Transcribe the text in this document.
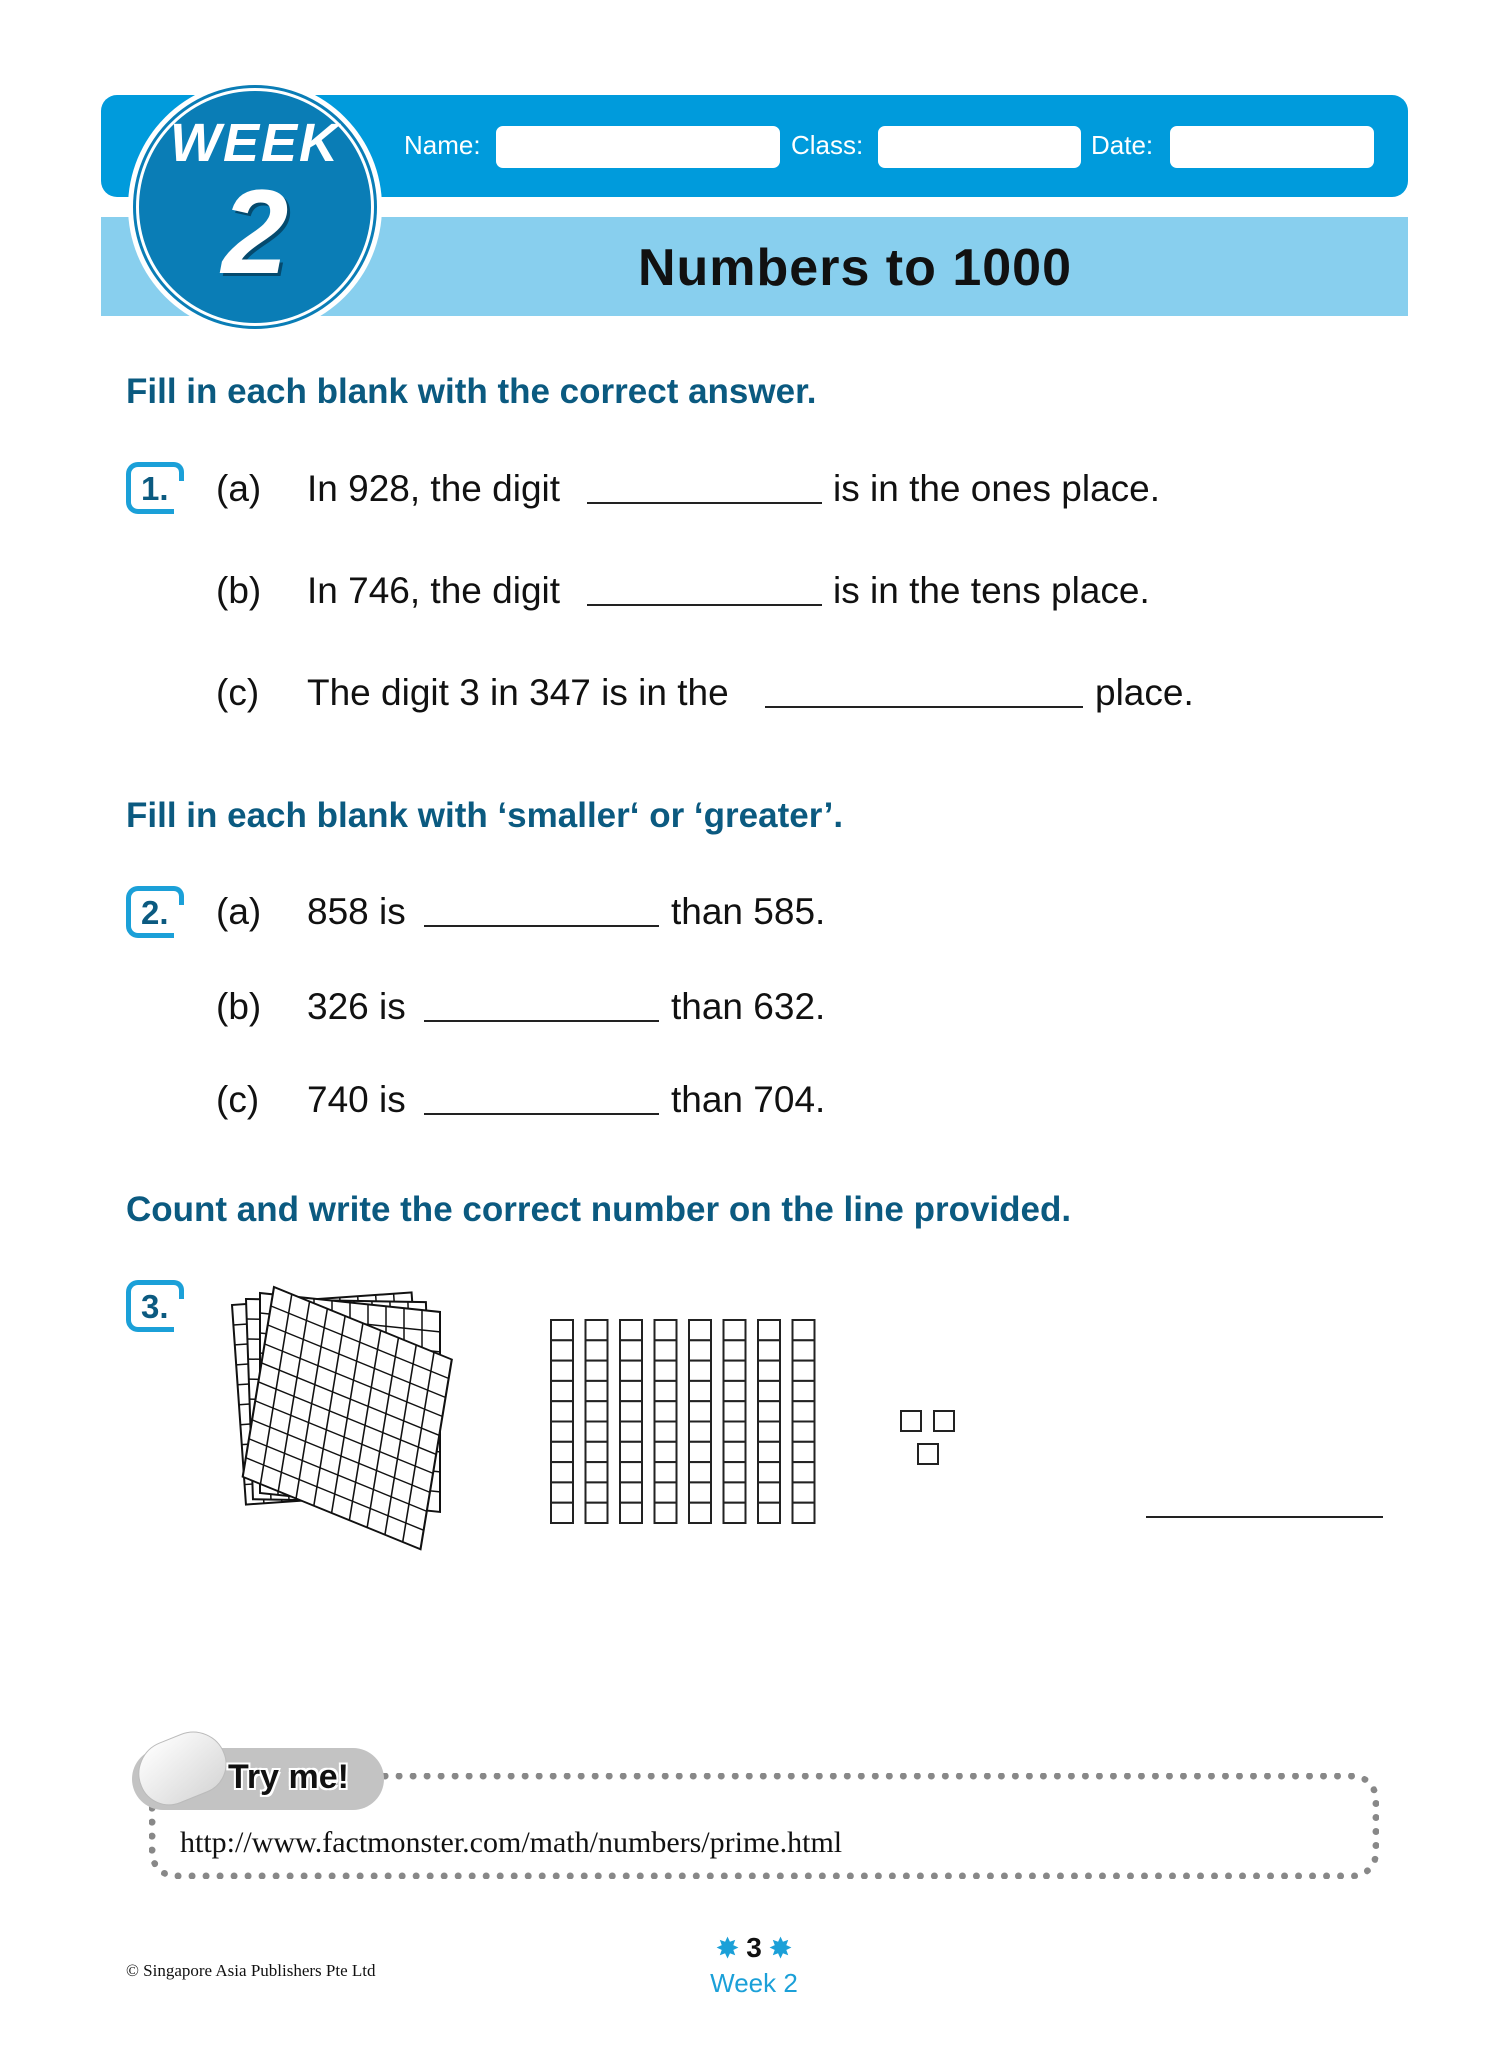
WEEK
2
Name:	Class:	Date:
Numbers to 1000
Fill in each blank with the correct answer.
1. (a) In 928, the digit	is in the ones place.
(b) In 746, the digit	is in the tens place.
(c) The digit 3 in 347 is in the	place.
Fill in each blank with ‘smaller‘ or ‘greater’.
2. (a) 858 is	than 585.
(b) 326 is	than 632.
(c) 740 is	than 704.
Count and write the correct number on the line provided.
3.
Try me!
http://www.factmonster.com/math/numbers/prime.html
© Singapore Asia Publishers Pte Ltd
✸ 3 ✸
Week 2
